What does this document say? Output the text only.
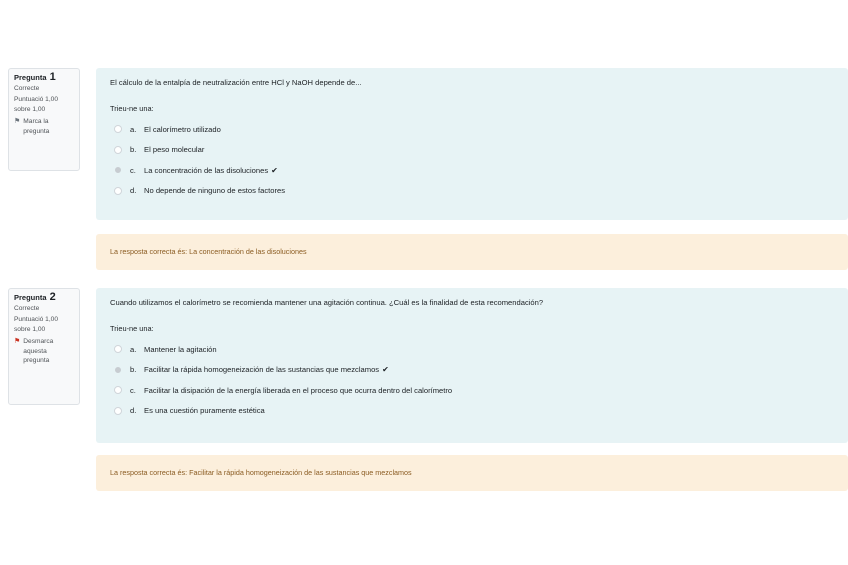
Pregunta 1
Correcte
Puntuació 1,00 sobre 1,00
⚑ Marca la pregunta
El cálculo de la entalpía de neutralización entre HCl y NaOH depende de...
Trieu-ne una:
a.	El calorímetro utilizado
b.	El peso molecular
c.	La concentración de las disoluciones ✔
d.	No depende de ninguno de estos factores
La resposta correcta és: La concentración de las disoluciones
Pregunta 2
Correcte
Puntuació 1,00 sobre 1,00
⚑ Desmarca aquesta pregunta
Cuando utilizamos el calorímetro se recomienda mantener una agitación continua. ¿Cuál es la finalidad de esta recomendación?
Trieu-ne una:
a.	Mantener la agitación
b.	Facilitar la rápida homogeneización de las sustancias que mezclamos ✔
c.	Facilitar la disipación de la energía liberada en el proceso que ocurra dentro del calorímetro
d.	Es una cuestión puramente estética
La resposta correcta és: Facilitar la rápida homogeneización de las sustancias que mezclamos
